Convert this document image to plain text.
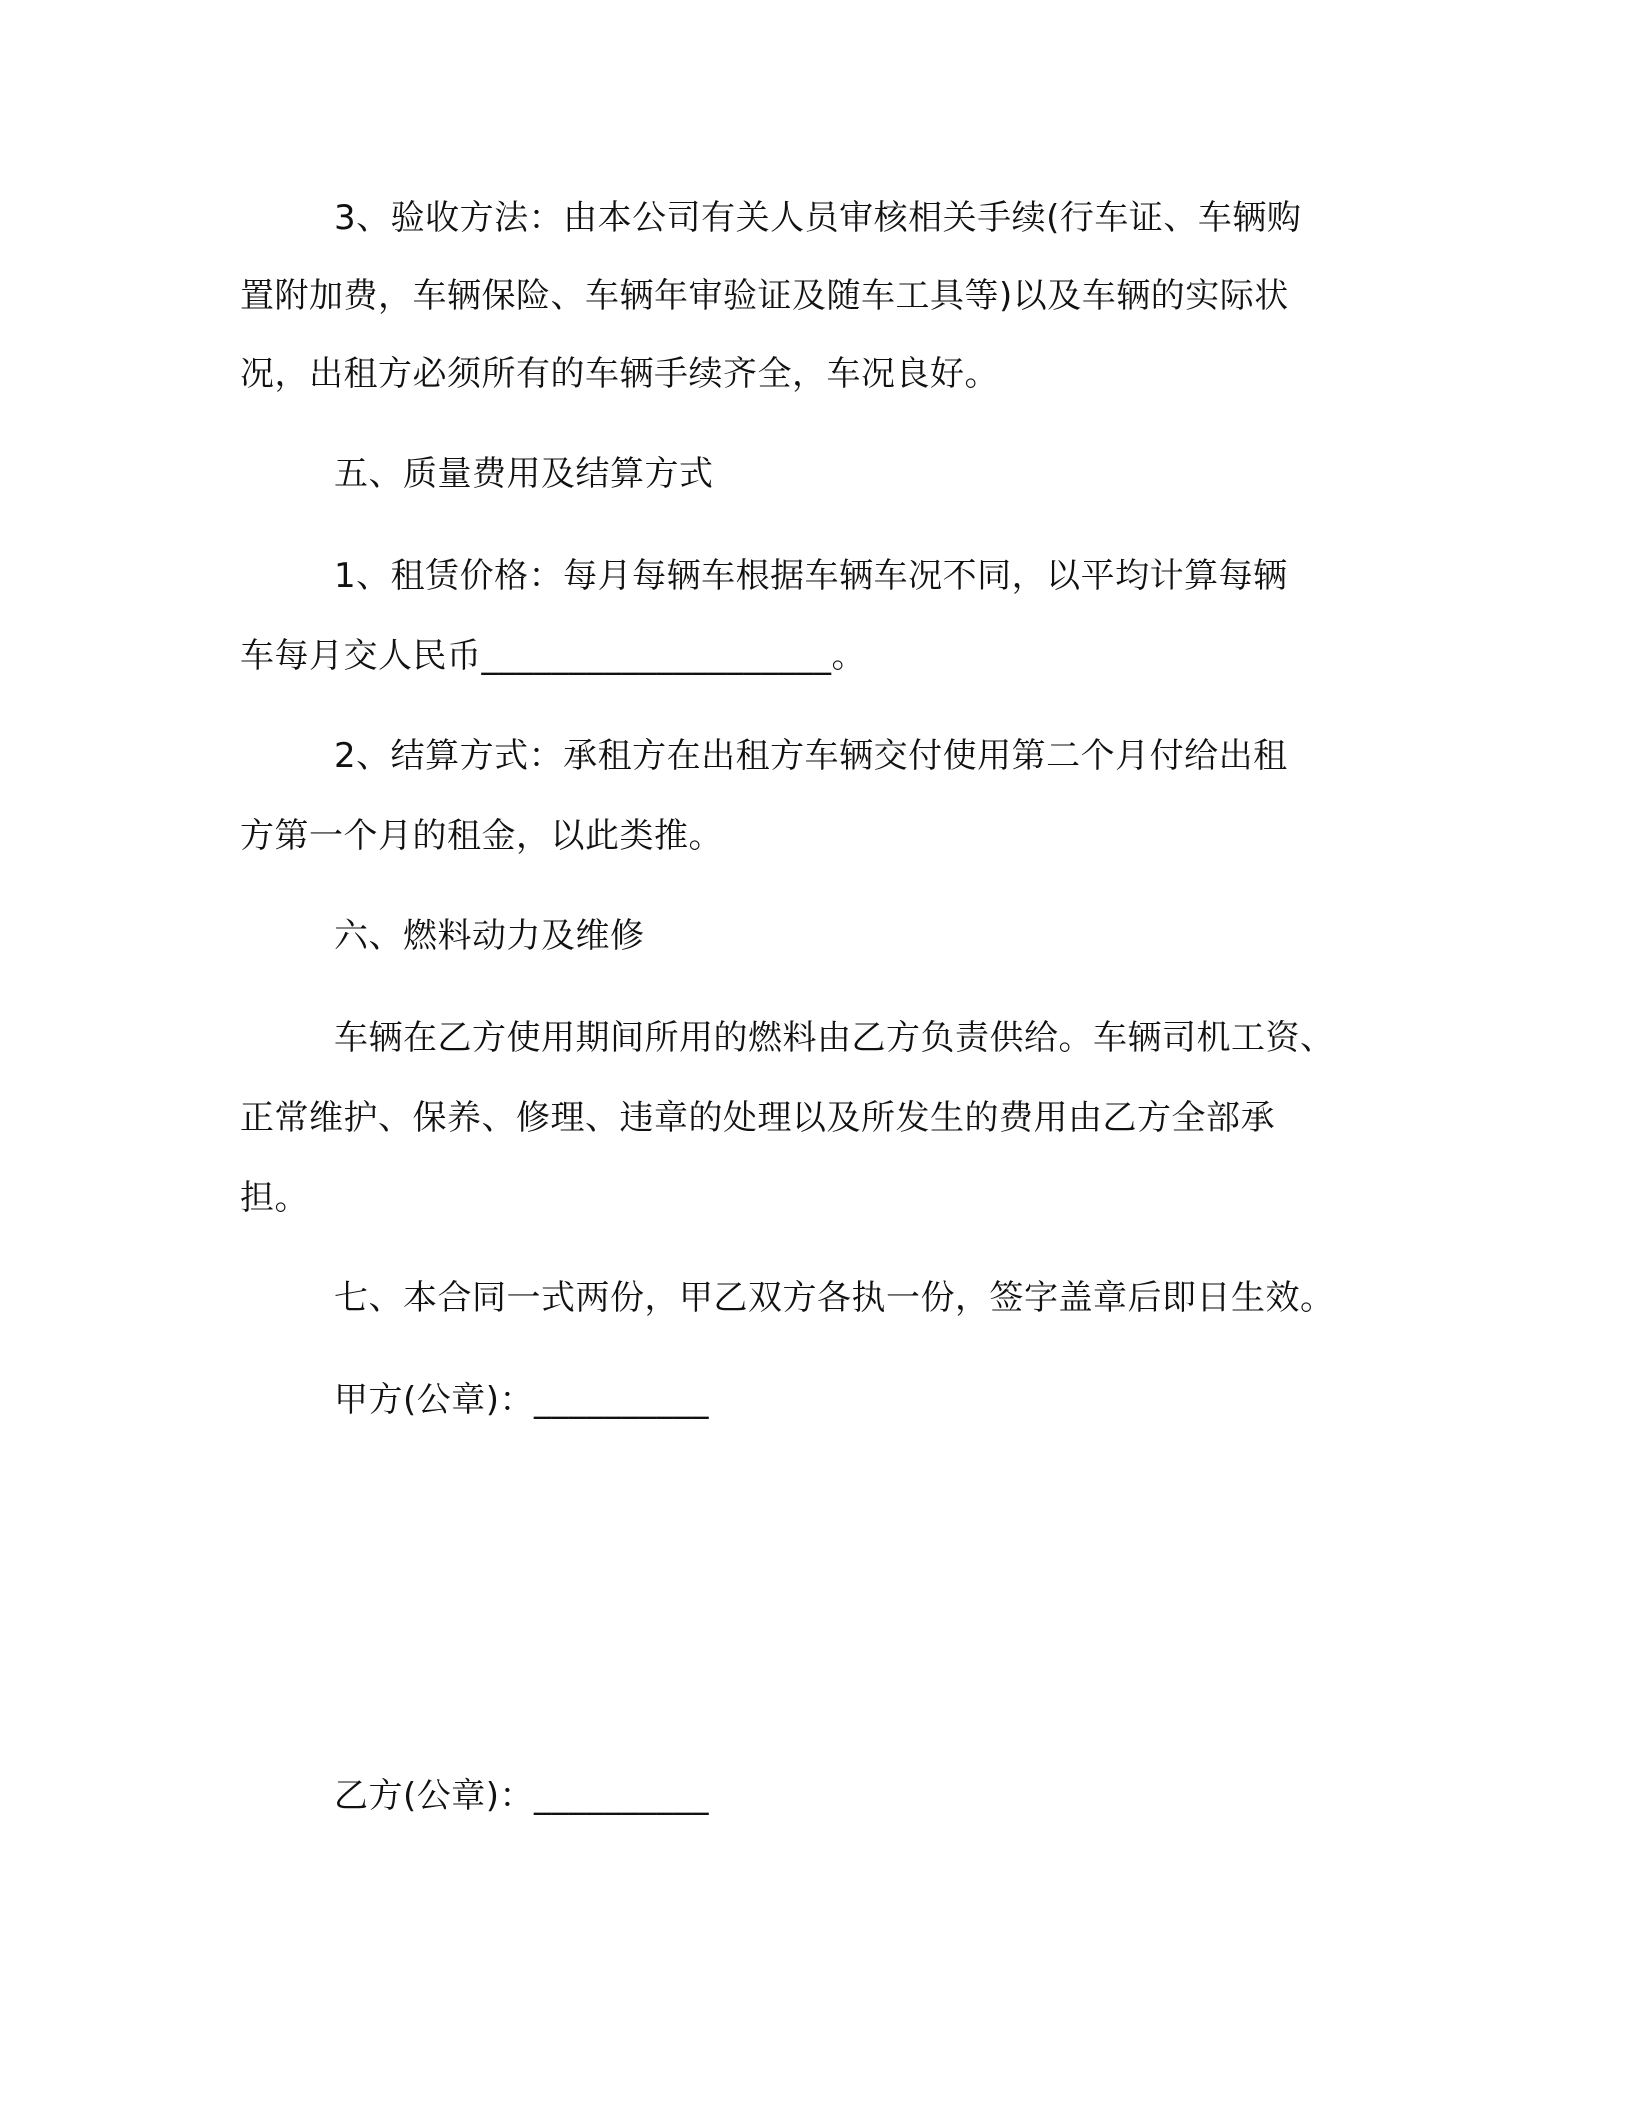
3、验收方法：由本公司有关人员审核相关手续(行车证、车辆购
置附加费，车辆保险、车辆年审验证及随车工具等)以及车辆的实际状
况，出租方必须所有的车辆手续齐全，车况良好。
五、质量费用及结算方式
1、租赁价格：每月每辆车根据车辆车况不同，以平均计算每辆
车每月交人民币____________________。
2、结算方式：承租方在出租方车辆交付使用第二个月付给出租
方第一个月的租金，以此类推。
六、燃料动力及维修
车辆在乙方使用期间所用的燃料由乙方负责供给。车辆司机工资、
正常维护、保养、修理、违章的处理以及所发生的费用由乙方全部承
担。
七、本合同一式两份，甲乙双方各执一份，签字盖章后即日生效。
甲方(公章)：__________
乙方(公章)：__________
